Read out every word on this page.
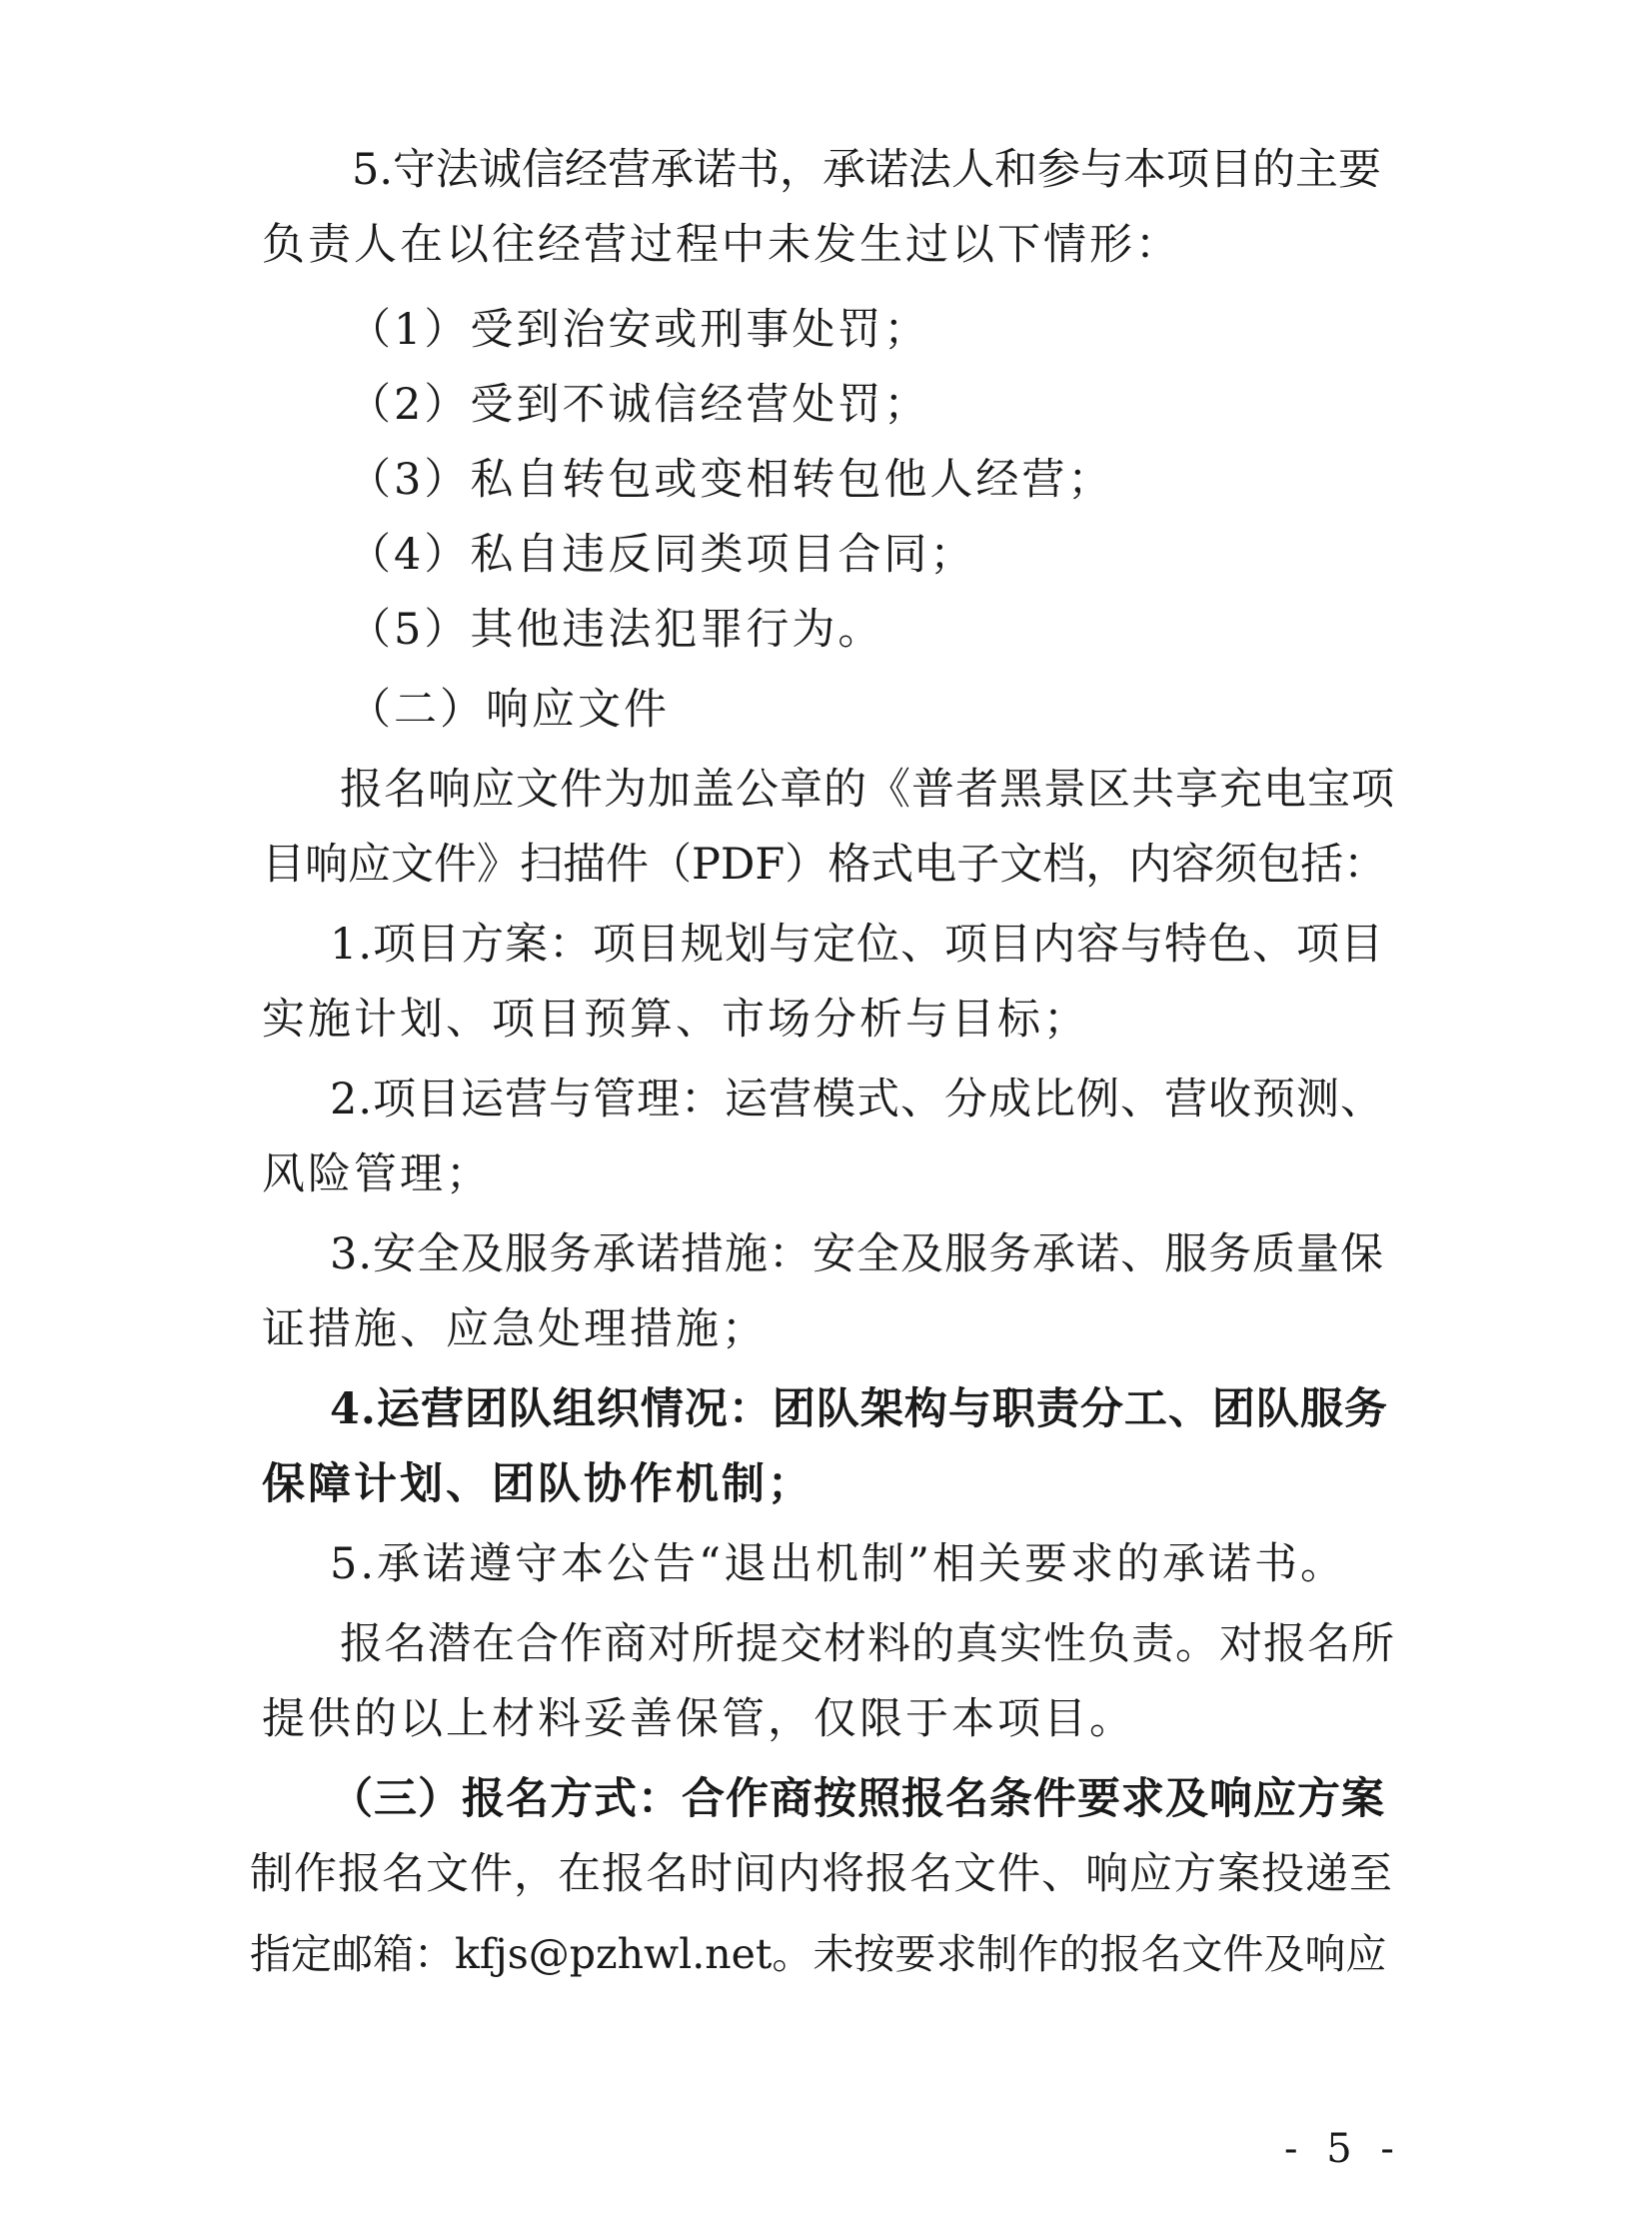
5.守法诚信经营承诺书，承诺法人和参与本项目的主要
负责人在以往经营过程中未发生过以下情形：
（1）受到治安或刑事处罚；
（2）受到不诚信经营处罚；
（3）私自转包或变相转包他人经营；
（4）私自违反同类项目合同；
（5）其他违法犯罪行为。
（二）响应文件
报名响应文件为加盖公章的《普者黑景区共享充电宝项
目响应文件》扫描件（PDF）格式电子文档，内容须包括：
1.项目方案：项目规划与定位、项目内容与特色、项目
实施计划、项目预算、市场分析与目标；
2.项目运营与管理：运营模式、分成比例、营收预测、
风险管理；
3.安全及服务承诺措施：安全及服务承诺、服务质量保
证措施、应急处理措施；
4.运营团队组织情况：团队架构与职责分工、团队服务
保障计划、团队协作机制；
5.承诺遵守本公告“退出机制”相关要求的承诺书。
报名潜在合作商对所提交材料的真实性负责。对报名所
提供的以上材料妥善保管，仅限于本项目。
（三）报名方式：合作商按照报名条件要求及响应方案
制作报名文件，在报名时间内将报名文件、响应方案投递至
指定邮箱：kfjs@pzhwl.net。未按要求制作的报名文件及响应
- 5 -
